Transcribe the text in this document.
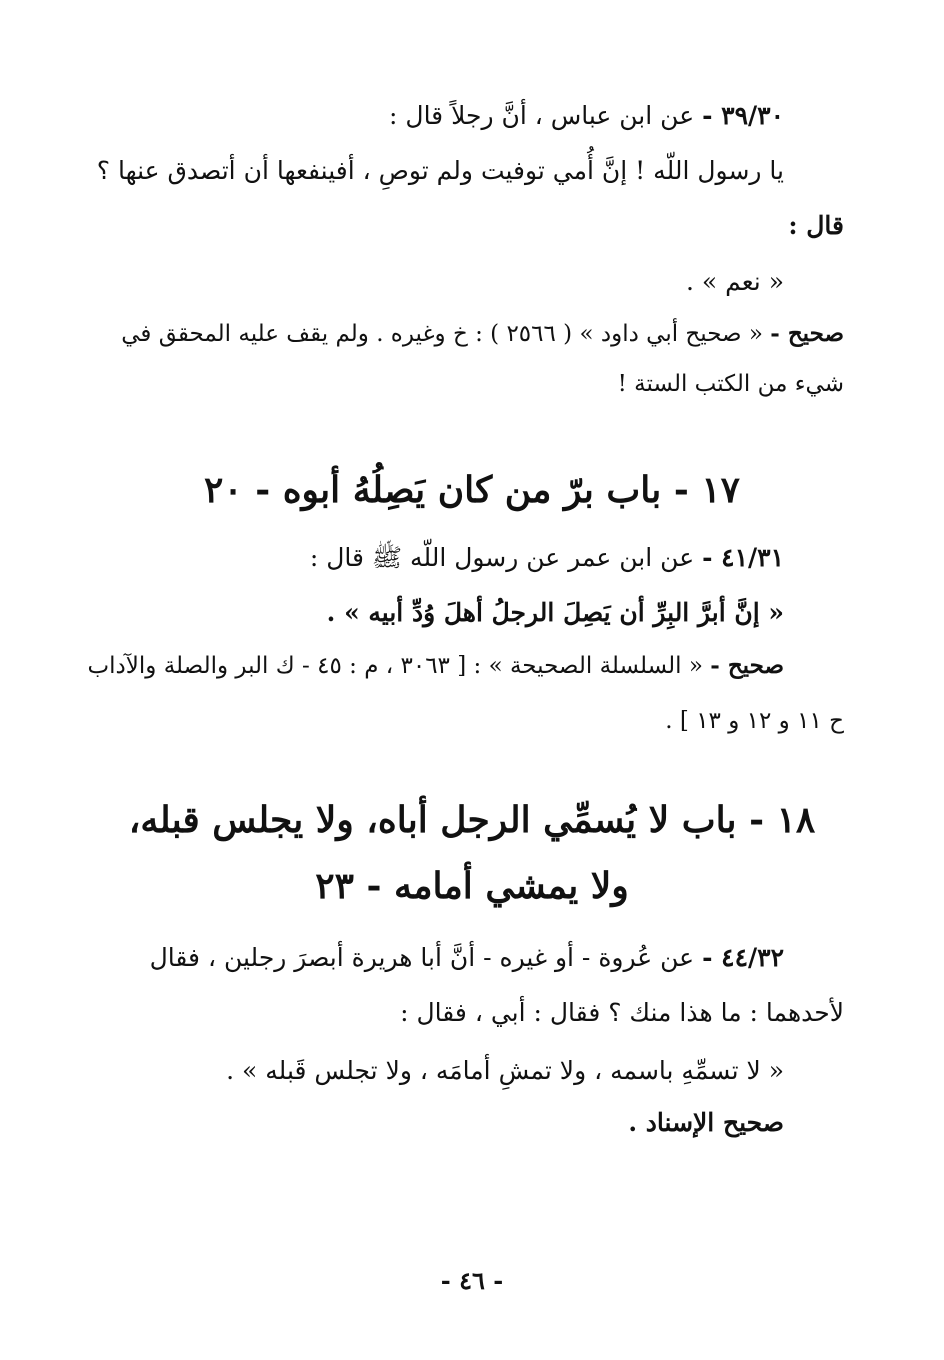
٣٩/٣٠ - عن ابن عباس ، أنَّ رجلاً قال :
يا رسول اللّه ! إنَّ أُمي توفيت ولم توصِ ، أفينفعها أن أتصدق عنها ؟
قال :
« نعم » .
صحيح - « صحيح أبي داود » ( ٢٥٦٦ ) : خ وغيره . ولم يقف عليه المحقق في
شيء من الكتب الستة !
١٧ - باب برّ من كان يَصِلُهُ أبوه - ٢٠
٤١/٣١ - عن ابن عمر عن رسول اللّه ﷺ قال :
« إنَّ أبرَّ البِرِّ أن يَصِلَ الرجلُ أهلَ وُدِّ أبيه » .
صحيح - « السلسلة الصحيحة » : [ ٣٠٦٣ ، م : ٤٥ - ك البر والصلة والآداب
ح ١١ و ١٢ و ١٣ ] .
١٨ - باب لا يُسمِّي الرجل أباه، ولا يجلس قبله،
ولا يمشي أمامه - ٢٣
٤٤/٣٢ - عن عُروة - أو غيره - أنَّ أبا هريرة أبصرَ رجلين ، فقال
لأحدهما : ما هذا منك ؟ فقال : أبي ، فقال :
« لا تسمِّهِ باسمه ، ولا تمشِ أمامَه ، ولا تجلس قَبله » .
صحيح الإسناد .
- ٤٦ -
